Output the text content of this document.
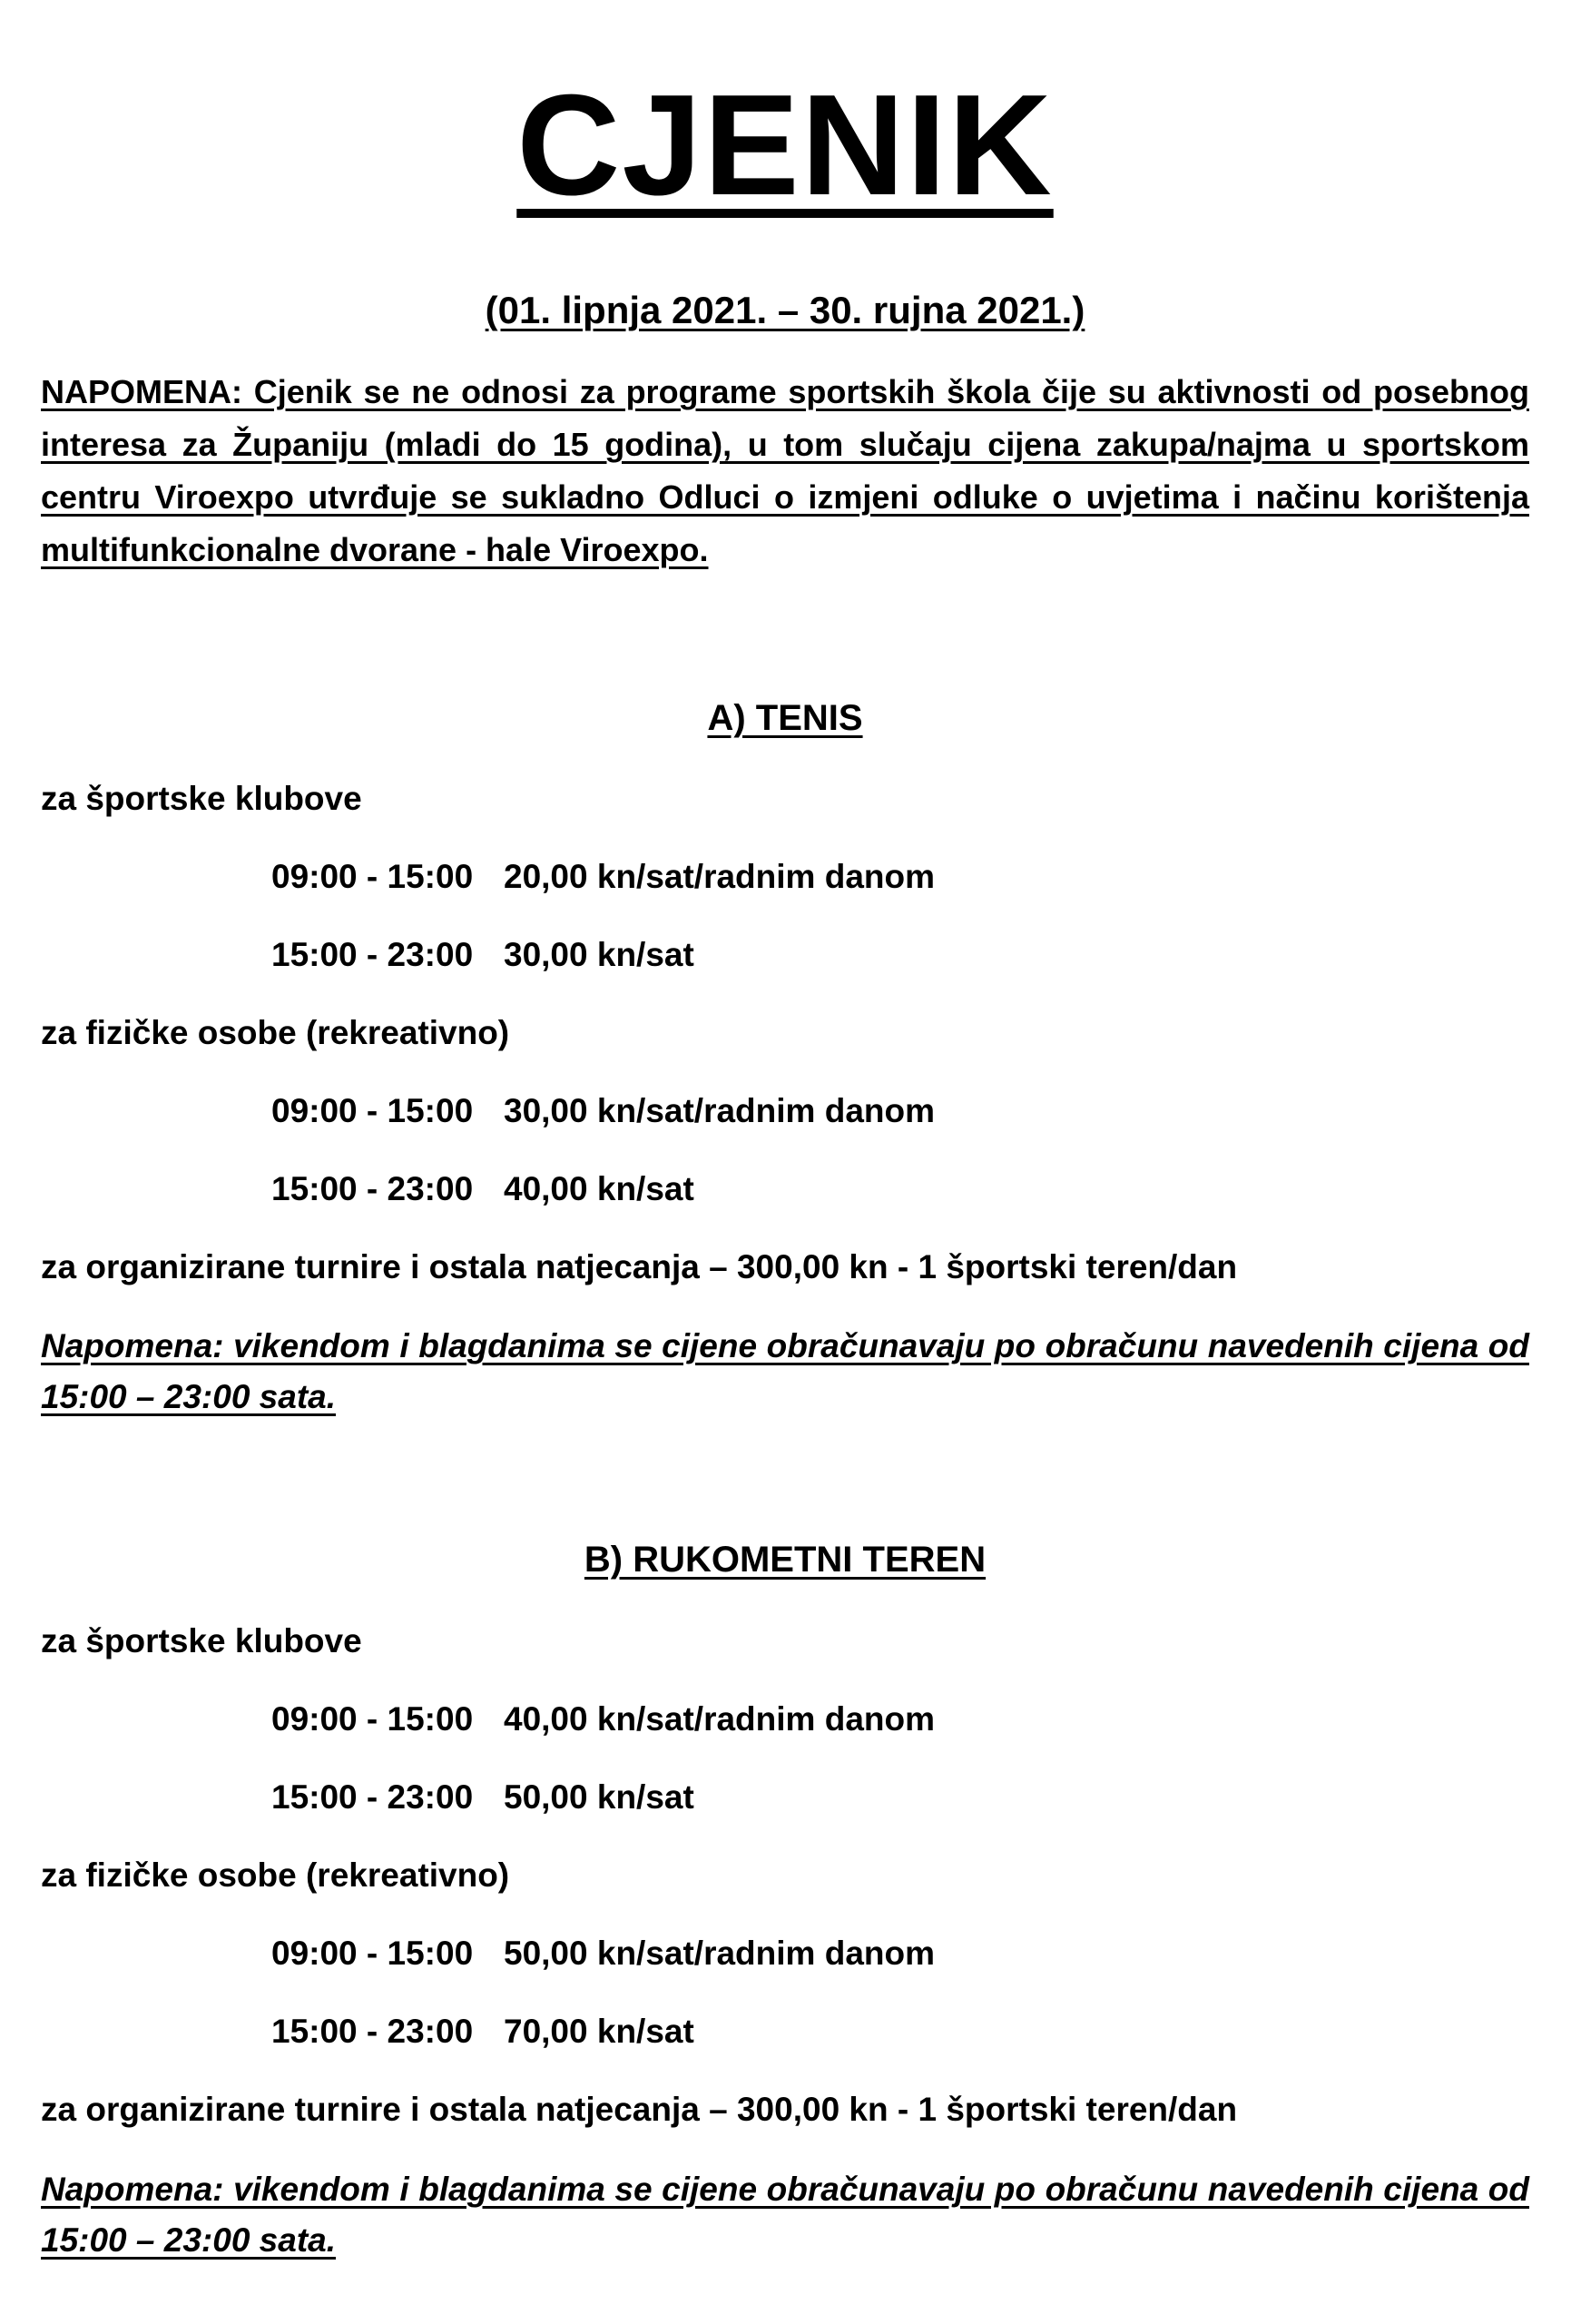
CJENIK
(01. lipnja 2021. – 30. rujna 2021.)
NAPOMENA: Cjenik se ne odnosi za programe sportskih škola čije su aktivnosti od posebnog interesa za Županiju (mladi do 15 godina), u tom slučaju cijena zakupa/najma u sportskom centru Viroexpo utvrđuje se sukladno Odluci o izmjeni odluke o uvjetima i načinu korištenja multifunkcionalne dvorane - hale Viroexpo.
A) TENIS
za športske klubove
09:00 - 15:00 20,00 kn/sat/radnim danom
15:00 - 23:00 30,00 kn/sat
za fizičke osobe (rekreativno)
09:00 - 15:00 30,00 kn/sat/radnim danom
15:00 - 23:00 40,00 kn/sat
za organizirane turnire i ostala natjecanja – 300,00 kn - 1 športski teren/dan
Napomena: vikendom i blagdanima se cijene obračunavaju po obračunu navedenih cijena od 15:00 – 23:00 sata.
B) RUKOMETNI TEREN
za športske klubove
09:00 - 15:00 40,00 kn/sat/radnim danom
15:00 - 23:00 50,00 kn/sat
za fizičke osobe (rekreativno)
09:00 - 15:00 50,00 kn/sat/radnim danom
15:00 - 23:00 70,00 kn/sat
za organizirane turnire i ostala natjecanja – 300,00 kn - 1 športski teren/dan
Napomena: vikendom i blagdanima se cijene obračunavaju po obračunu navedenih cijena od 15:00 – 23:00 sata.
